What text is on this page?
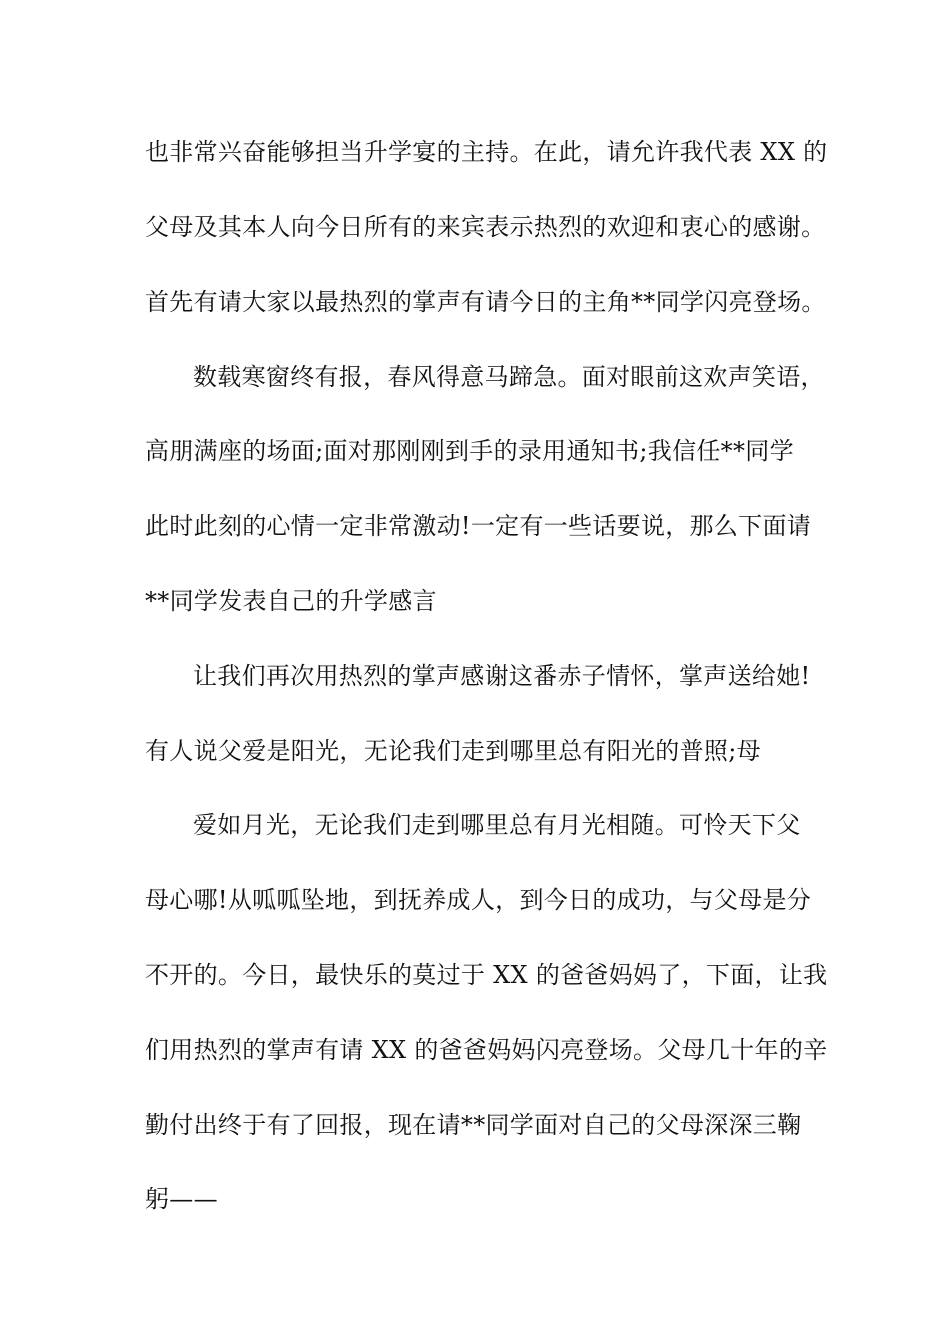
也非常兴奋能够担当升学宴的主持。在此，请允许我代表 XX 的
父母及其本人向今日所有的来宾表示热烈的欢迎和衷心的感谢。
首先有请大家以最热烈的掌声有请今日的主角**同学闪亮登场。
数载寒窗终有报，春风得意马蹄急。面对眼前这欢声笑语，
高朋满座的场面;面对那刚刚到手的录用通知书;我信任**同学
此时此刻的心情一定非常激动!一定有一些话要说，那么下面请
**同学发表自己的升学感言
让我们再次用热烈的掌声感谢这番赤子情怀，掌声送给她!
有人说父爱是阳光，无论我们走到哪里总有阳光的普照;母
爱如月光，无论我们走到哪里总有月光相随。可怜天下父
母心哪!从呱呱坠地，到抚养成人，到今日的成功，与父母是分
不开的。今日，最快乐的莫过于 XX 的爸爸妈妈了，下面，让我
们用热烈的掌声有请 XX 的爸爸妈妈闪亮登场。父母几十年的辛
勤付出终于有了回报，现在请**同学面对自己的父母深深三鞠
躬——
